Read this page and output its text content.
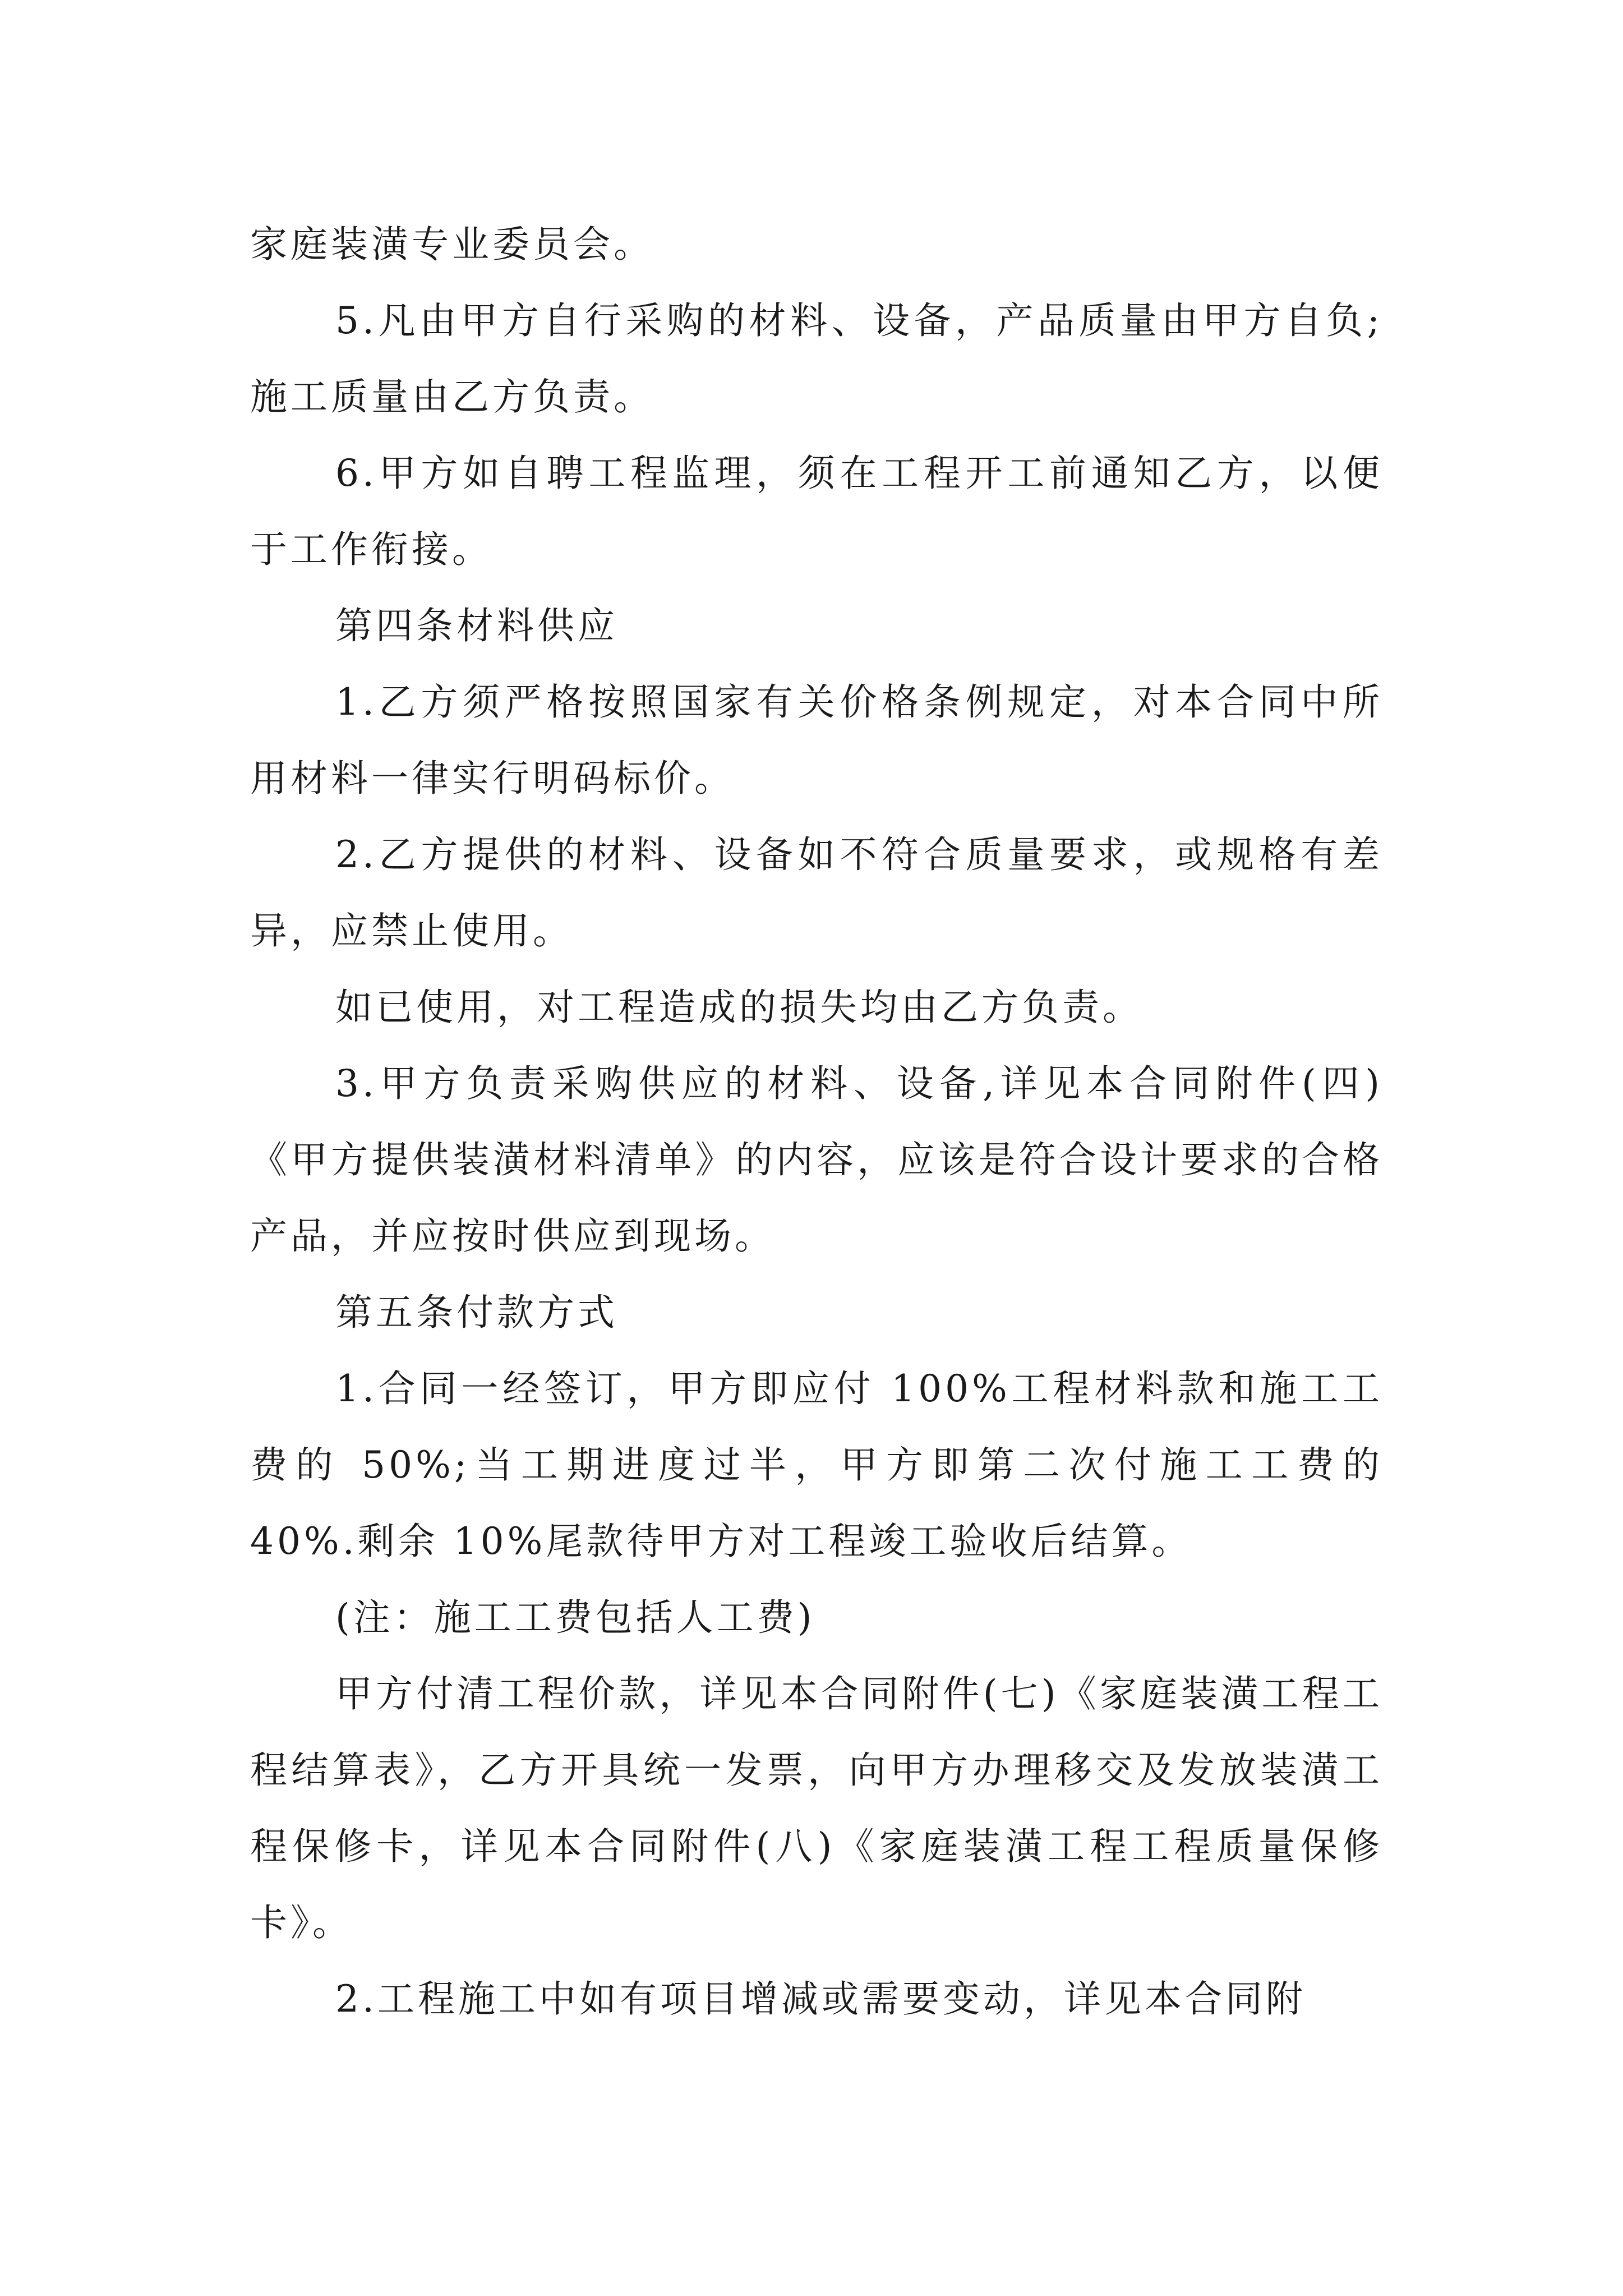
家庭装潢专业委员会。

5.凡由甲方自行采购的材料、设备，产品质量由甲方自负;施工质量由乙方负责。

6.甲方如自聘工程监理，须在工程开工前通知乙方，以便于工作衔接。

第四条材料供应

1.乙方须严格按照国家有关价格条例规定，对本合同中所用材料一律实行明码标价。

2.乙方提供的材料、设备如不符合质量要求，或规格有差异，应禁止使用。

如已使用，对工程造成的损失均由乙方负责。

3.甲方负责采购供应的材料、设备,详见本合同附件(四)《甲方提供装潢材料清单》的内容，应该是符合设计要求的合格产品，并应按时供应到现场。

第五条付款方式

1.合同一经签订，甲方即应付 100%工程材料款和施工工费的 50%;当工期进度过半，甲方即第二次付施工工费的 40%.剩余 10%尾款待甲方对工程竣工验收后结算。

(注：施工工费包括人工费)

甲方付清工程价款，详见本合同附件(七)《家庭装潢工程工程结算表》，乙方开具统一发票，向甲方办理移交及发放装潢工程保修卡，详见本合同附件(八)《家庭装潢工程工程质量保修卡》。

2.工程施工中如有项目增减或需要变动，详见本合同附
